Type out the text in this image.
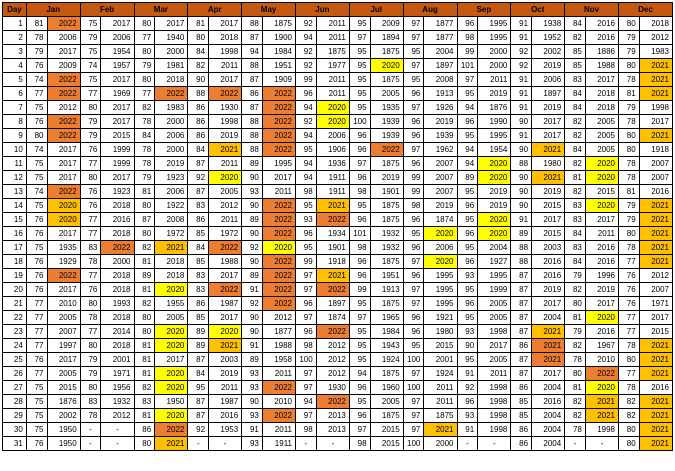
Day	Jan		Feb		Mar		Apr		May		Jun		Jul		Aug		Sep		Oct		Nov		Dec	
1	81	2022	75	2017	80	2017	81	2017	88	1875	92	2011	95	2009	97	1877	96	1995	91	1938	84	2016	80	2018
2	78	2006	79	2006	77	1940	80	2018	87	1900	94	2011	97	1894	97	1877	98	1995	91	1952	82	2016	79	2012
3	79	2017	75	1954	80	2000	84	1998	94	1984	92	1875	95	1875	95	2004	99	2000	92	2002	85	1886	79	1983
4	76	2009	74	1957	79	1981	82	2011	88	1951	92	1977	95	2020	97	1897	101	2000	92	2019	85	1988	80	2021
5	74	2022	75	2017	80	2018	90	2017	87	1909	99	2011	95	1875	95	2008	97	2011	91	2006	83	2017	78	2021
6	77	2022	77	1969	77	2022	88	2022	86	2022	96	2011	95	2005	96	1913	95	2019	91	1897	84	2018	81	2021
7	75	2012	80	2017	82	1983	86	1930	87	2022	94	2020	95	1935	97	1926	94	1876	91	2019	84	2018	79	1998
8	76	2022	79	2017	78	2000	86	1998	88	2022	92	2020	100	1939	96	2019	96	1990	90	2017	82	2005	78	2017
9	80	2022	79	2015	84	2006	86	2019	88	2022	94	2006	96	1939	96	1939	95	1995	91	2017	82	2005	80	2021
10	74	2017	76	1999	78	2000	84	2021	88	2022	95	1906	96	2022	97	1962	94	1954	90	2021	84	2005	80	1918
11	75	2017	77	1999	78	2019	87	2011	89	1995	94	1936	97	1875	96	2007	94	2020	88	1980	82	2020	78	2007
12	75	2017	80	2017	79	1923	92	2020	90	2017	94	1911	96	2019	99	2007	89	2020	90	2021	81	2020	78	2007
13	74	2022	76	1923	81	2006	87	2005	93	2011	98	1911	98	1901	99	2007	95	2019	90	2019	82	2015	81	2016
14	75	2020	76	2018	80	1922	83	2012	90	2022	95	2021	95	1875	98	2019	96	2019	90	2015	83	2020	79	2021
15	76	2020	77	2016	87	2008	86	2011	89	2022	93	2022	96	1875	96	1874	95	2020	91	2017	83	2017	79	2021
16	76	2017	77	2018	80	1972	85	1972	90	2022	96	1934	101	1932	95	2020	96	2020	89	2015	84	2011	80	2021
17	75	1935	83	2022	82	2021	84	2022	92	2020	95	1901	98	1932	96	2006	95	2004	88	2003	83	2016	78	2021
18	76	1929	78	2000	81	2018	85	1988	90	2022	99	1918	96	1875	97	2020	96	1927	88	2016	84	2016	77	2021
19	76	2022	77	2018	89	2018	83	2017	89	2022	97	2021	96	1951	96	1995	93	1995	87	2016	79	1996	76	2012
20	76	2017	76	2018	81	2020	83	2022	91	2022	97	2022	99	1913	97	1995	95	1999	87	2019	82	2019	76	2007
21	77	2010	80	1993	82	1955	86	1987	92	2022	96	1897	95	1875	97	1995	96	2005	87	2017	80	2017	76	1971
22	77	2005	78	2018	80	2005	85	2017	90	2012	97	1874	97	1965	96	1921	95	2005	87	2004	81	2020	77	2017
23	77	2007	77	2014	80	2020	89	2020	90	1877	96	2022	95	1984	96	1980	93	1998	87	2021	79	2016	77	2015
24	77	1997	80	2018	81	2020	89	2021	91	1988	98	2012	95	1943	95	2015	90	2017	86	2021	82	1967	78	2021
25	76	2017	79	2001	81	2017	87	2003	89	1958	100	2012	95	1924	100	2001	95	2005	87	2021	78	2010	80	2021
26	77	2005	79	1971	81	2020	84	2019	93	2011	97	2012	94	1875	97	1924	91	2011	87	2017	80	2022	77	2021
27	75	2015	80	1956	82	2020	95	2011	93	2022	97	1930	96	1960	100	2011	92	1998	86	2004	81	2020	78	2016
28	75	1876	83	1932	83	1950	87	1987	90	2010	94	2022	95	2005	97	2011	96	1998	85	2016	82	2021	82	2021
29	75	2002	78	2012	81	2020	87	2016	93	2022	97	2013	96	1875	97	1875	93	1998	85	2004	82	2021	82	2021
30	75	1950	-	-	86	2022	92	1953	91	2011	98	2013	97	2015	97	2021	91	1998	86	2004	78	1998	80	2021
31	76	1950	-	-	80	2021	-	-	93	1911	-	-	98	2015	100	2000	-	-	86	2004	-	-	80	2021
